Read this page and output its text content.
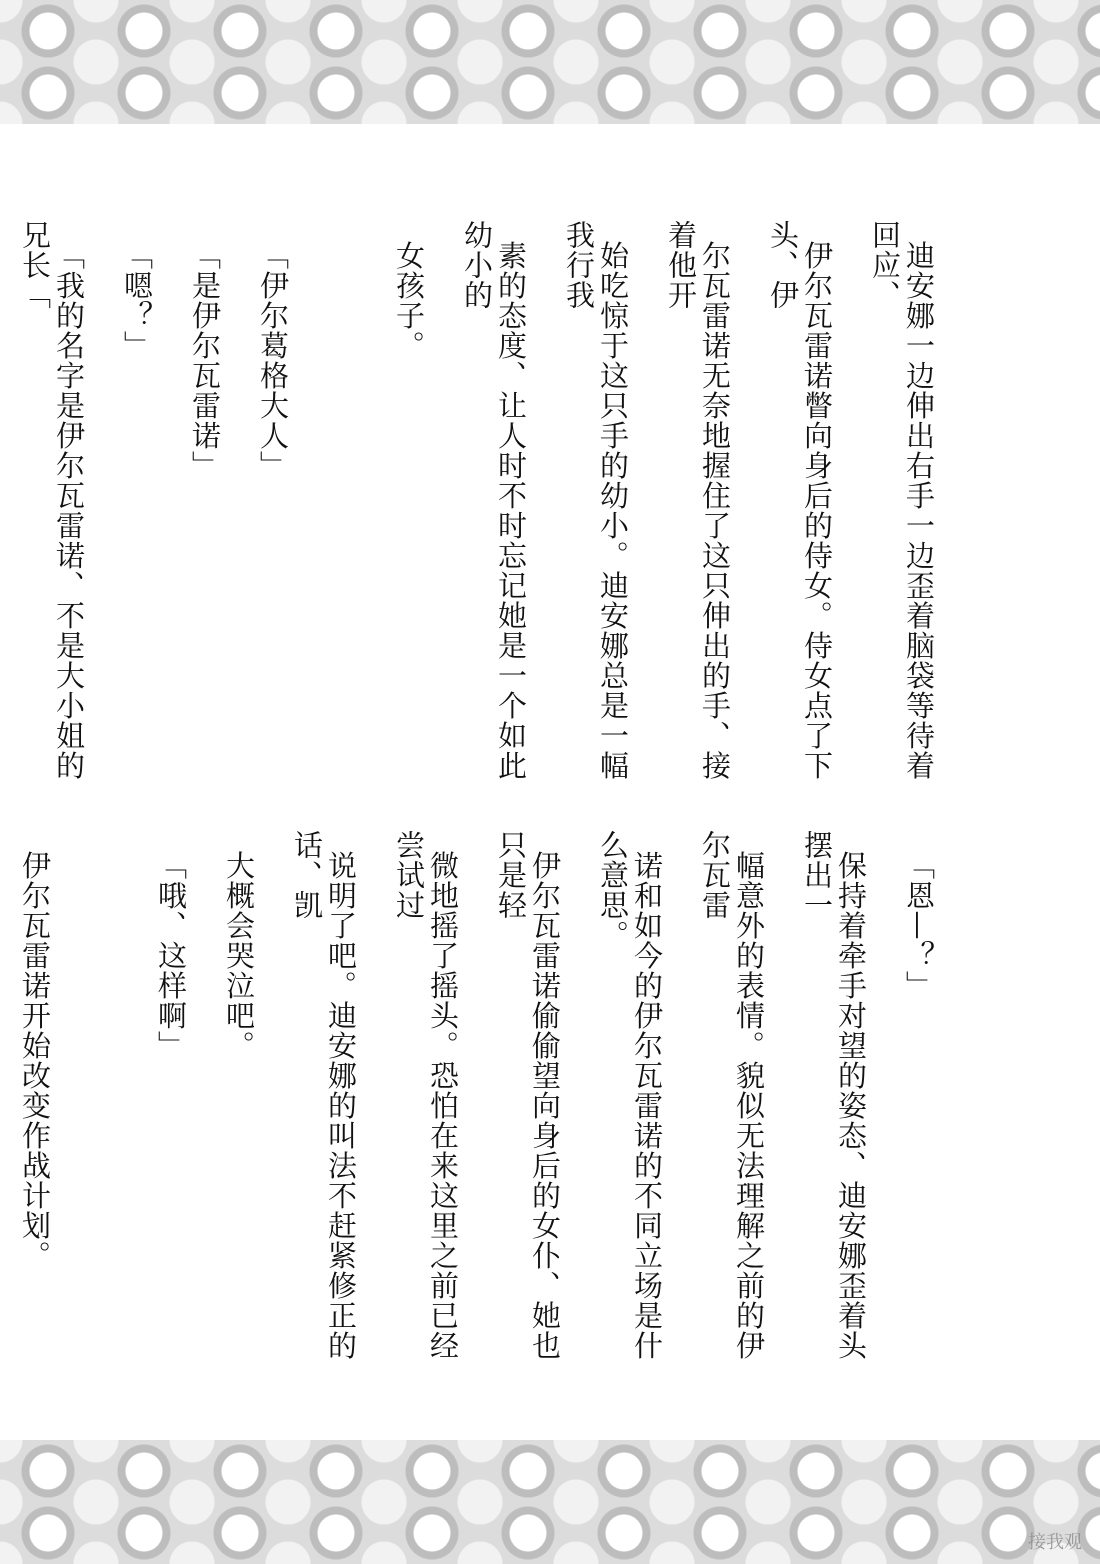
迪安娜一边伸出右手一边歪着脑袋等待着回应、

伊尔瓦雷诺瞥向身后的侍女。侍女点了下头、伊

尔瓦雷诺无奈地握住了这只伸出的手、接着他开

始吃惊于这只手的幼小。迪安娜总是一幅我行我

素的态度、让人时不时忘记她是一个如此幼小的

女孩子。

「伊尔葛格大人」

「是伊尔瓦雷诺」

「嗯？」

「我的名字是伊尔瓦雷诺、不是大小姐的兄长「

「恩—？」

保持着牵手对望的姿态、迪安娜歪着头摆出一

幅意外的表情。貌似无法理解之前的伊尔瓦雷

诺和如今的伊尔瓦雷诺的不同立场是什么意思。

伊尔瓦雷诺偷偷望向身后的女仆、她也只是轻

微地摇了摇头。恐怕在来这里之前已经尝试过

说明了吧。迪安娜的叫法不赶紧修正的话、凯

大概会哭泣吧。

「哦、这样啊」

伊尔瓦雷诺开始改变作战计划。

接我观
